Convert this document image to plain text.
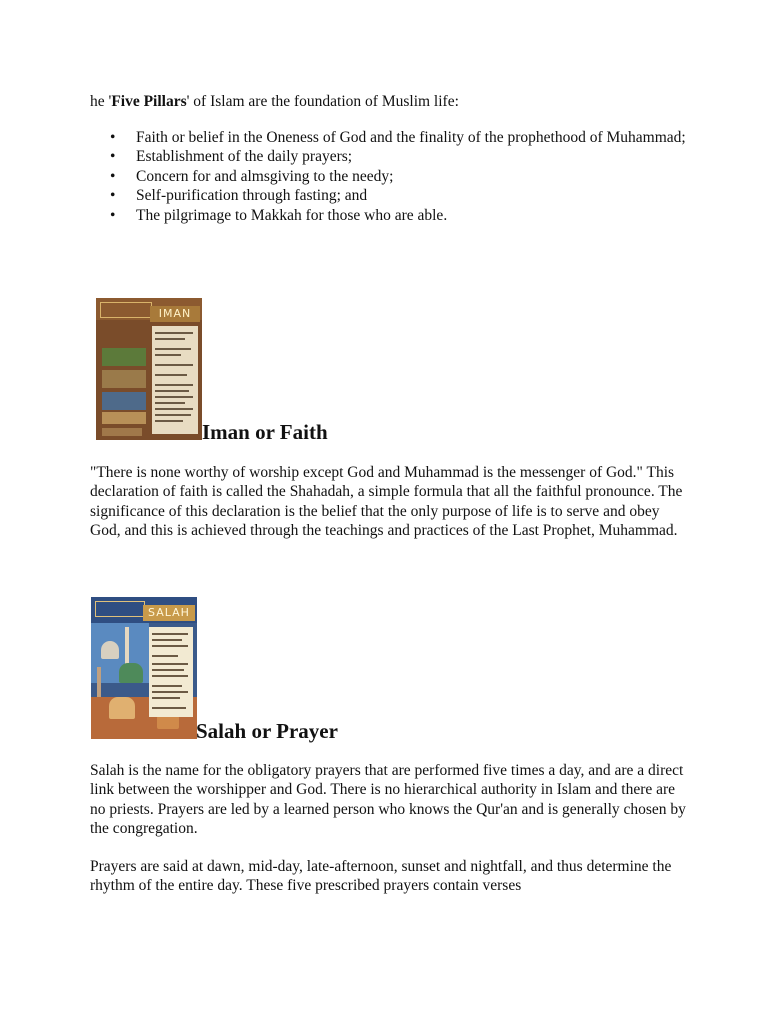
he 'Five Pillars' of Islam are the foundation of Muslim life:

• Faith or belief in the Oneness of God and the finality of the prophethood of Muhammad;
• Establishment of the daily prayers;
• Concern for and almsgiving to the needy;
• Self-purification through fasting; and
• The pilgrimage to Makkah for those who are able.
IMAN
Iman or Faith

"There is none worthy of worship except God and Muhammad is the messenger of God." This declaration of faith is called the Shahadah, a simple formula that all the faithful pronounce. The significance of this declaration is the belief that the only purpose of life is to serve and obey God, and this is achieved through the teachings and practices of the Last Prophet, Muhammad.

SALAH
Salah or Prayer

Salah is the name for the obligatory prayers that are performed five times a day, and are a direct link between the worshipper and God. There is no hierarchical authority in Islam and there are no priests. Prayers are led by a learned person who knows the Qur'an and is generally chosen by the congregation.

Prayers are said at dawn, mid-day, late-afternoon, sunset and nightfall, and thus determine the rhythm of the entire day. These five prescribed prayers contain verses
